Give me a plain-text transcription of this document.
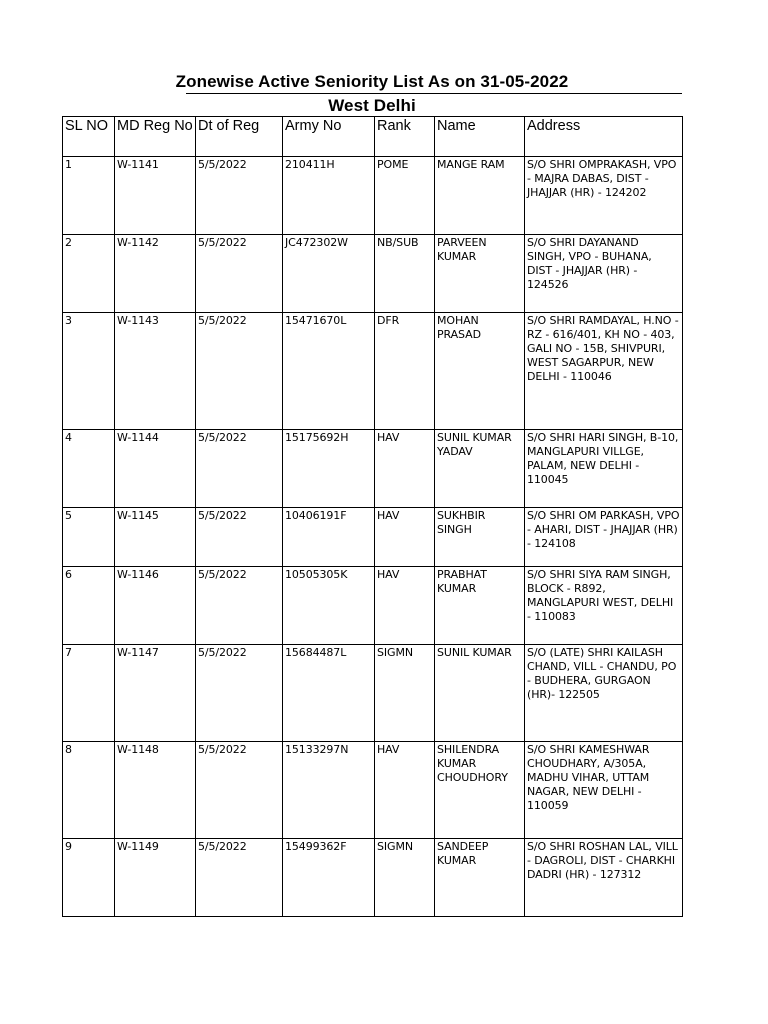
Zonewise Active Seniority List As on 31-05-2022
West Delhi
SL NO	MD Reg No	Dt of Reg	Army No	Rank	Name	Address
1	W-1141	5/5/2022	210411H	POME	MANGE RAM	S/O SHRI OMPRAKASH, VPO - MAJRA DABAS, DIST - JHAJJAR (HR) - 124202
2	W-1142	5/5/2022	JC472302W	NB/SUB	PARVEEN KUMAR	S/O SHRI DAYANAND SINGH, VPO - BUHANA, DIST - JHAJJAR (HR) - 124526
3	W-1143	5/5/2022	15471670L	DFR	MOHAN PRASAD	S/O SHRI RAMDAYAL, H.NO - RZ - 616/401, KH NO - 403, GALI NO - 15B, SHIVPURI, WEST SAGARPUR, NEW DELHI - 110046
4	W-1144	5/5/2022	15175692H	HAV	SUNIL KUMAR YADAV	S/O SHRI HARI SINGH, B-10, MANGLAPURI VILLGE, PALAM, NEW DELHI - 110045
5	W-1145	5/5/2022	10406191F	HAV	SUKHBIR SINGH	S/O SHRI OM PARKASH, VPO - AHARI, DIST - JHAJJAR (HR) - 124108
6	W-1146	5/5/2022	10505305K	HAV	PRABHAT KUMAR	S/O SHRI SIYA RAM SINGH, BLOCK - R892, MANGLAPURI WEST, DELHI - 110083
7	W-1147	5/5/2022	15684487L	SIGMN	SUNIL KUMAR	S/O (LATE) SHRI KAILASH CHAND, VILL - CHANDU, PO - BUDHERA, GURGAON (HR)- 122505
8	W-1148	5/5/2022	15133297N	HAV	SHILENDRA KUMAR CHOUDHORY	S/O SHRI KAMESHWAR CHOUDHARY, A/305A, MADHU VIHAR, UTTAM NAGAR, NEW DELHI - 110059
9	W-1149	5/5/2022	15499362F	SIGMN	SANDEEP KUMAR	S/O SHRI ROSHAN LAL, VILL - DAGROLI, DIST - CHARKHI DADRI (HR) - 127312
